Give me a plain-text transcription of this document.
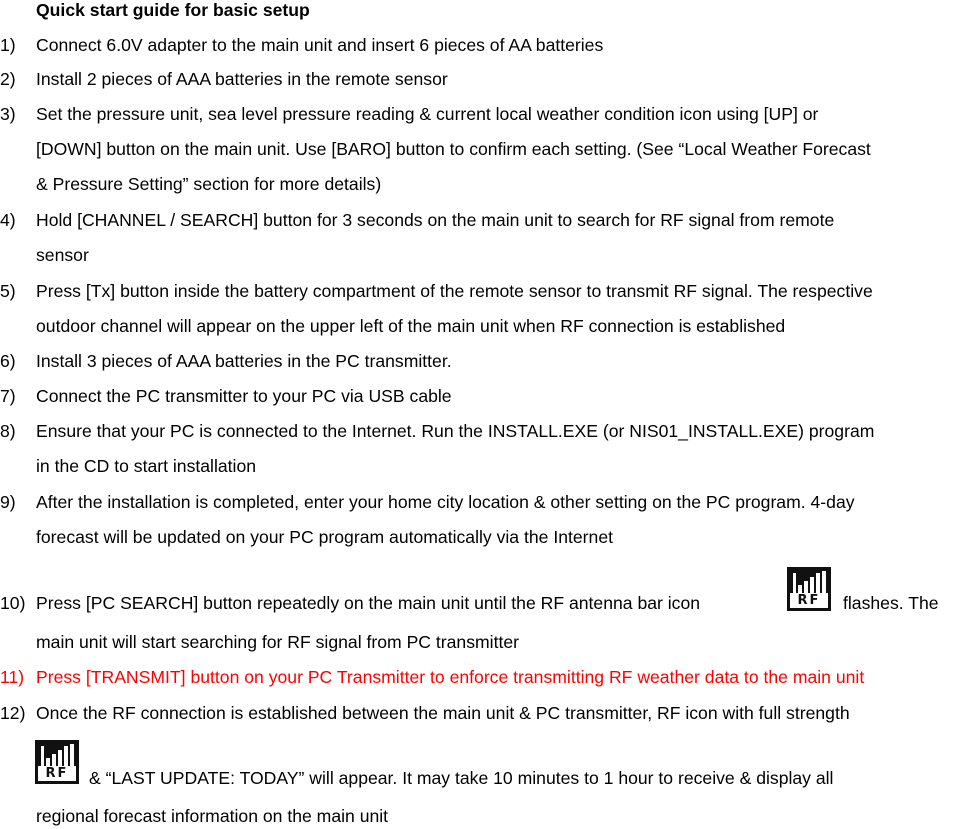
Quick start guide for basic setup
1) Connect 6.0V adapter to the main unit and insert 6 pieces of AA batteries
2) Install 2 pieces of AAA batteries in the remote sensor
3) Set the pressure unit, sea level pressure reading & current local weather condition icon using [UP] or
[DOWN] button on the main unit. Use [BARO] button to confirm each setting. (See “Local Weather Forecast
& Pressure Setting” section for more details)
4) Hold [CHANNEL / SEARCH] button for 3 seconds on the main unit to search for RF signal from remote
sensor
5) Press [Tx] button inside the battery compartment of the remote sensor to transmit RF signal. The respective
outdoor channel will appear on the upper left of the main unit when RF connection is established
6) Install 3 pieces of AAA batteries in the PC transmitter.
7) Connect the PC transmitter to your PC via USB cable
8) Ensure that your PC is connected to the Internet. Run the INSTALL.EXE (or NIS01_INSTALL.EXE) program
in the CD to start installation
9) After the installation is completed, enter your home city location & other setting on the PC program. 4-day
forecast will be updated on your PC program automatically via the Internet
10) Press [PC SEARCH] button repeatedly on the main unit until the RF antenna bar icon	RF	flashes. The
main unit will start searching for RF signal from PC transmitter
11) Press [TRANSMIT] button on your PC Transmitter to enforce transmitting RF weather data to the main unit
12) Once the RF connection is established between the main unit & PC transmitter, RF icon with full strength
RF	& “LAST UPDATE: TODAY” will appear. It may take 10 minutes to 1 hour to receive & display all
regional forecast information on the main unit
